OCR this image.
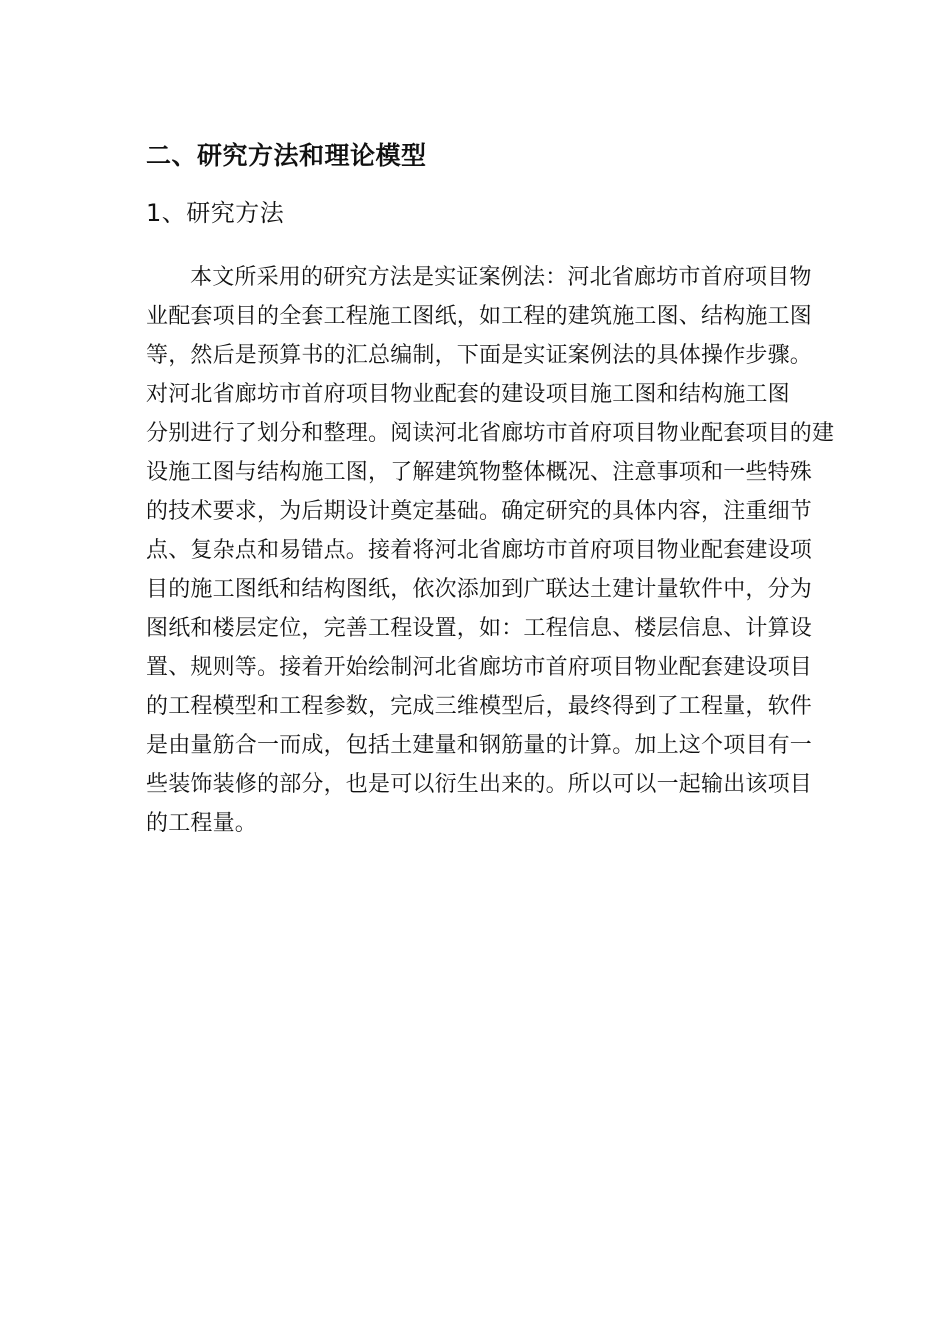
二、研究方法和理论模型
1、研究方法
本文所采用的研究方法是实证案例法：河北省廊坊市首府项目物
业配套项目的全套工程施工图纸，如工程的建筑施工图、结构施工图
等，然后是预算书的汇总编制，下面是实证案例法的具体操作步骤。
对河北省廊坊市首府项目物业配套的建设项目施工图和结构施工图
分别进行了划分和整理。阅读河北省廊坊市首府项目物业配套项目的建
设施工图与结构施工图，了解建筑物整体概况、注意事项和一些特殊
的技术要求，为后期设计奠定基础。确定研究的具体内容，注重细节
点、复杂点和易错点。接着将河北省廊坊市首府项目物业配套建设项
目的施工图纸和结构图纸，依次添加到广联达土建计量软件中，分为
图纸和楼层定位，完善工程设置，如：工程信息、楼层信息、计算设
置、规则等。接着开始绘制河北省廊坊市首府项目物业配套建设项目
的工程模型和工程参数，完成三维模型后，最终得到了工程量，软件
是由量筋合一而成，包括土建量和钢筋量的计算。加上这个项目有一
些装饰装修的部分，也是可以衍生出来的。所以可以一起输出该项目
的工程量。
